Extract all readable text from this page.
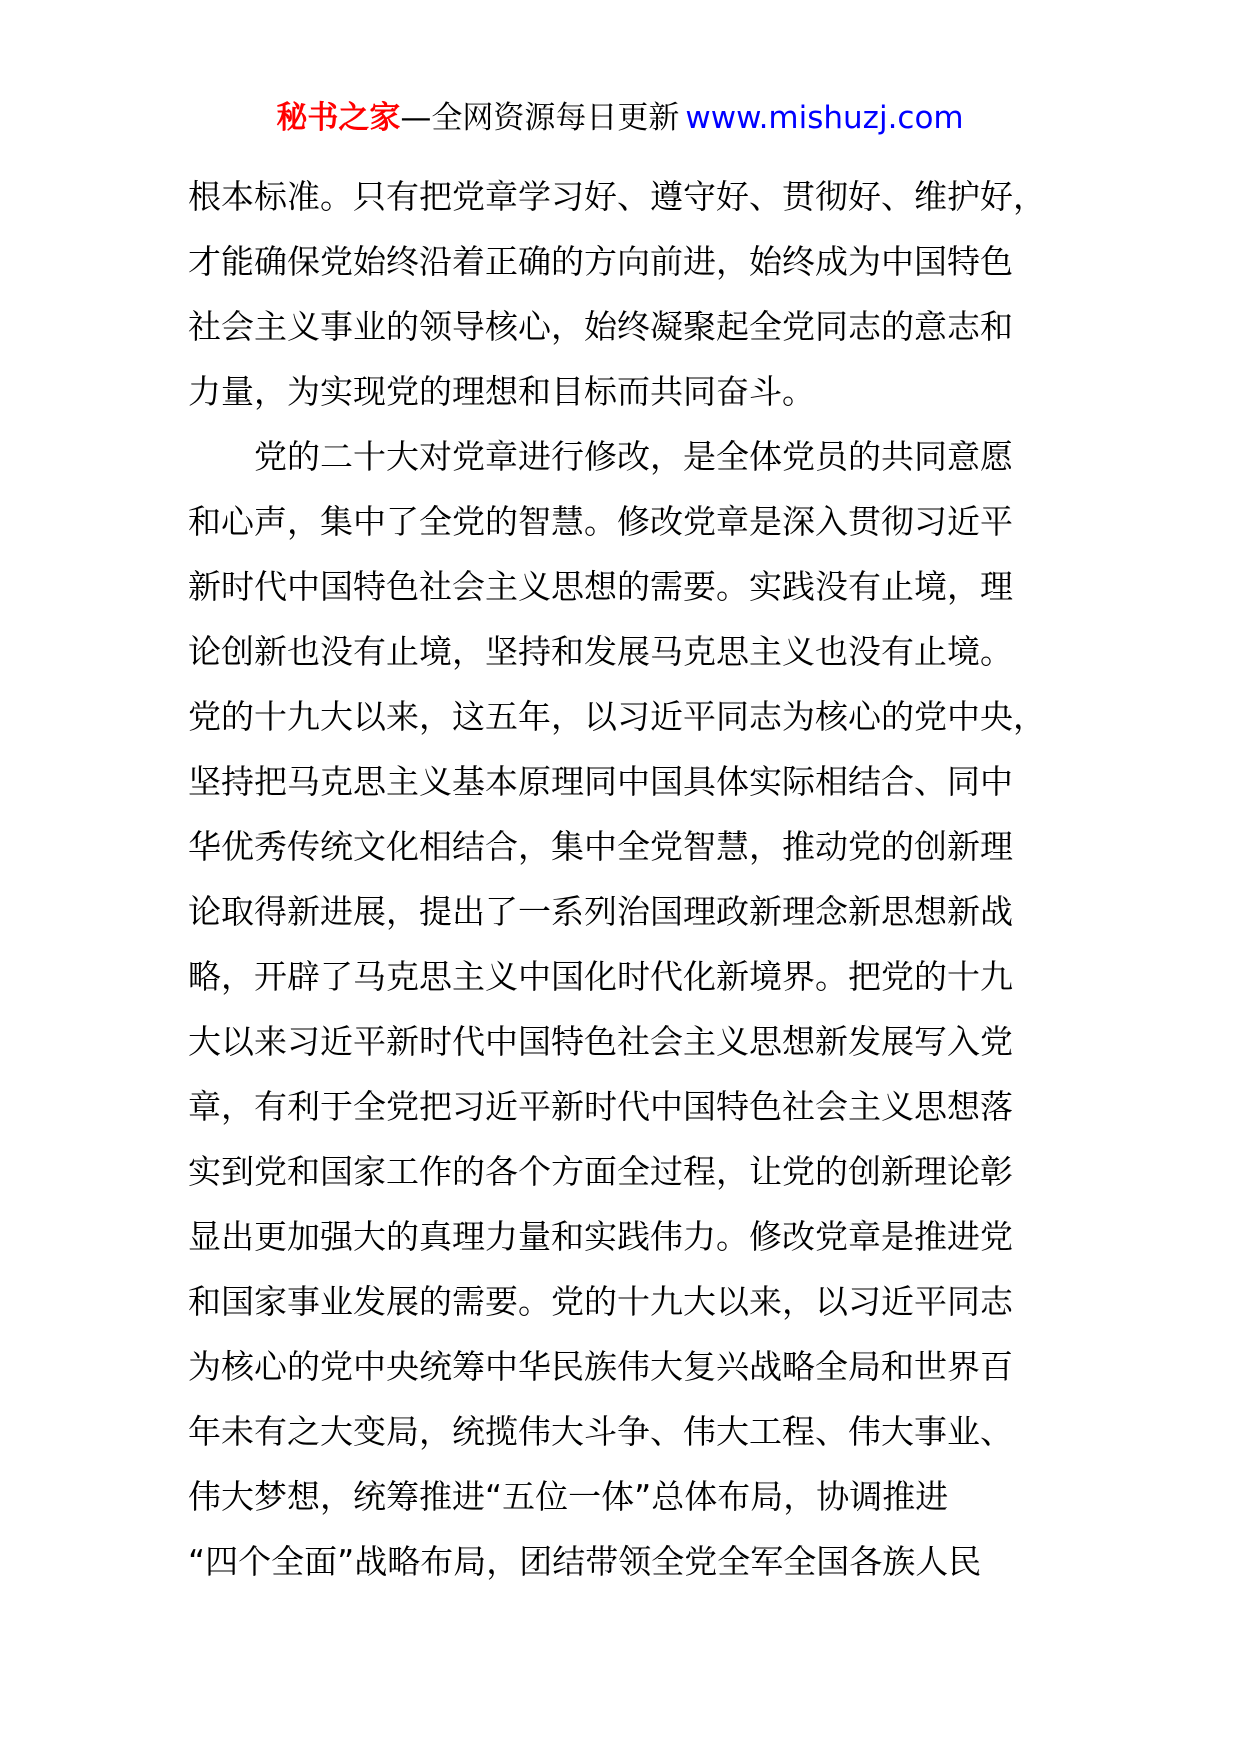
秘书之家—全网资源每日更新 www.mishuzj.com
根本标准。只有把党章学习好、遵守好、贯彻好、维护好，
才能确保党始终沿着正确的方向前进，始终成为中国特色
社会主义事业的领导核心，始终凝聚起全党同志的意志和
力量，为实现党的理想和目标而共同奋斗。
　　党的二十大对党章进行修改，是全体党员的共同意愿
和心声，集中了全党的智慧。修改党章是深入贯彻习近平
新时代中国特色社会主义思想的需要。实践没有止境，理
论创新也没有止境，坚持和发展马克思主义也没有止境。
党的十九大以来，这五年，以习近平同志为核心的党中央，
坚持把马克思主义基本原理同中国具体实际相结合、同中
华优秀传统文化相结合，集中全党智慧，推动党的创新理
论取得新进展，提出了一系列治国理政新理念新思想新战
略，开辟了马克思主义中国化时代化新境界。把党的十九
大以来习近平新时代中国特色社会主义思想新发展写入党
章，有利于全党把习近平新时代中国特色社会主义思想落
实到党和国家工作的各个方面全过程，让党的创新理论彰
显出更加强大的真理力量和实践伟力。修改党章是推进党
和国家事业发展的需要。党的十九大以来，以习近平同志
为核心的党中央统筹中华民族伟大复兴战略全局和世界百
年未有之大变局，统揽伟大斗争、伟大工程、伟大事业、
伟大梦想，统筹推进“五位一体”总体布局，协调推进
“四个全面”战略布局，团结带领全党全军全国各族人民
